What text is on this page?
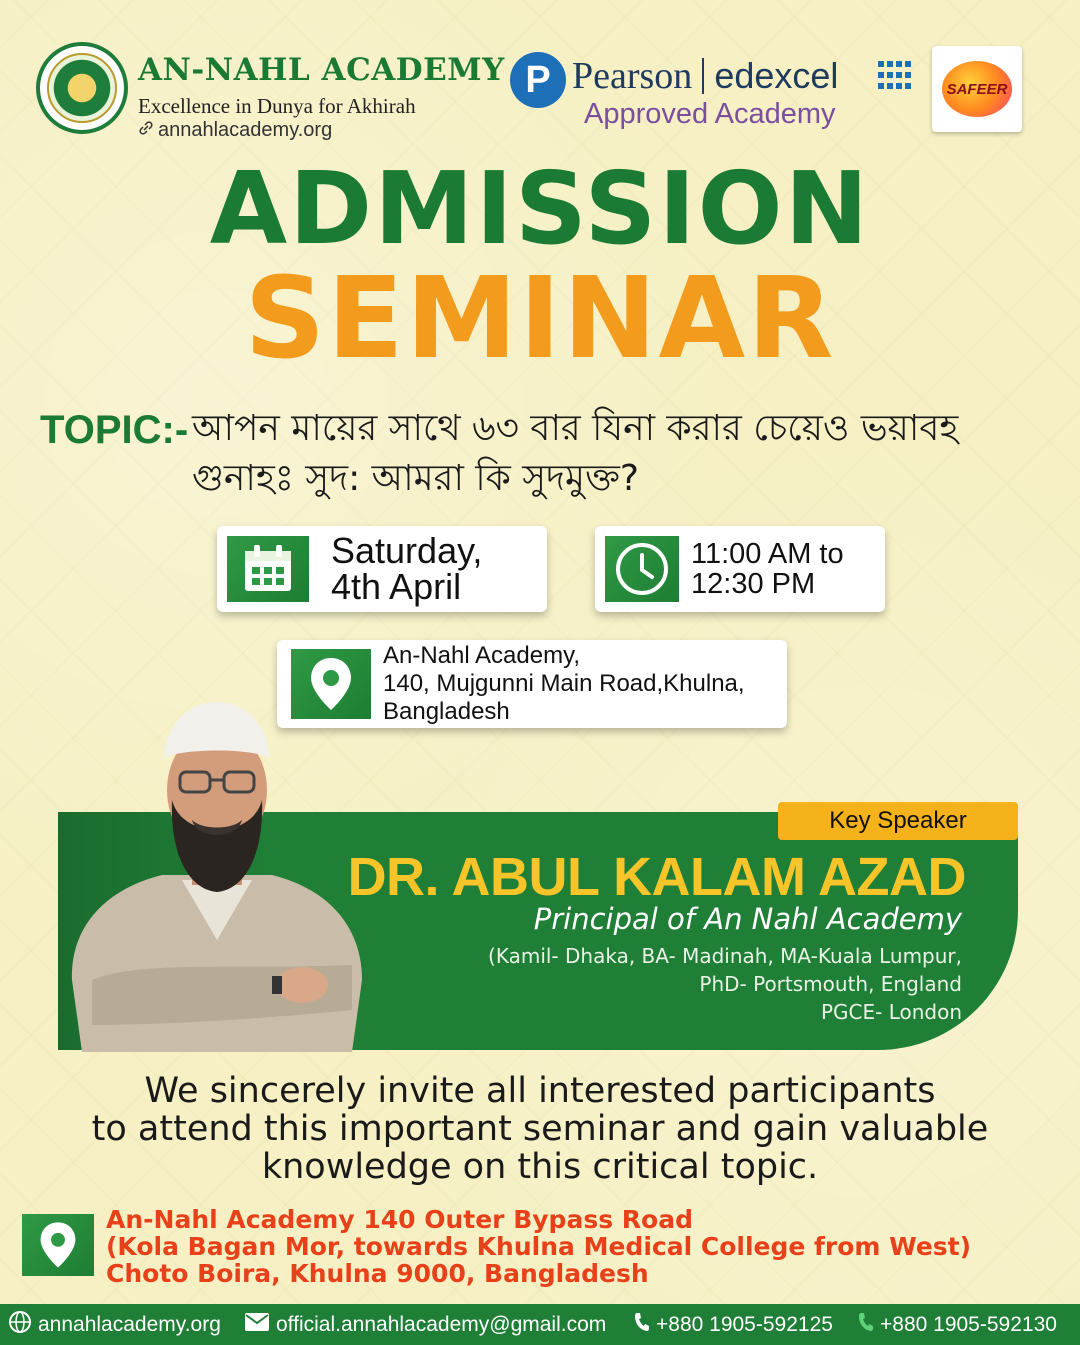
AN-NAHL ACADEMY
Excellence in Dunya for Akhirah
annahlacademy.org
P Pearson edexcel
Approved Academy
SAFEER
ADMISSION
SEMINAR
TOPIC:- আপন মায়ের সাথে ৬৩ বার যিনা করার চেয়েও ভয়াবহ গুনাহঃ সুদ: আমরা কি সুদমুক্ত?
Saturday,
4th April
11:00 AM to
12:30 PM
An-Nahl Academy,
140, Mujgunni Main Road,Khulna,
Bangladesh
Key Speaker
DR. ABUL KALAM AZAD
Principal of An Nahl Academy
(Kamil- Dhaka, BA- Madinah, MA-Kuala Lumpur,
PhD- Portsmouth, England
PGCE- London
We sincerely invite all interested participants
to attend this important seminar and gain valuable
knowledge on this critical topic.
An-Nahl Academy 140 Outer Bypass Road
(Kola Bagan Mor, towards Khulna Medical College from West)
Choto Boira, Khulna 9000, Bangladesh
annahlacademy.org	official.annahlacademy@gmail.com +880 1905-592125 +880 1905-592130
